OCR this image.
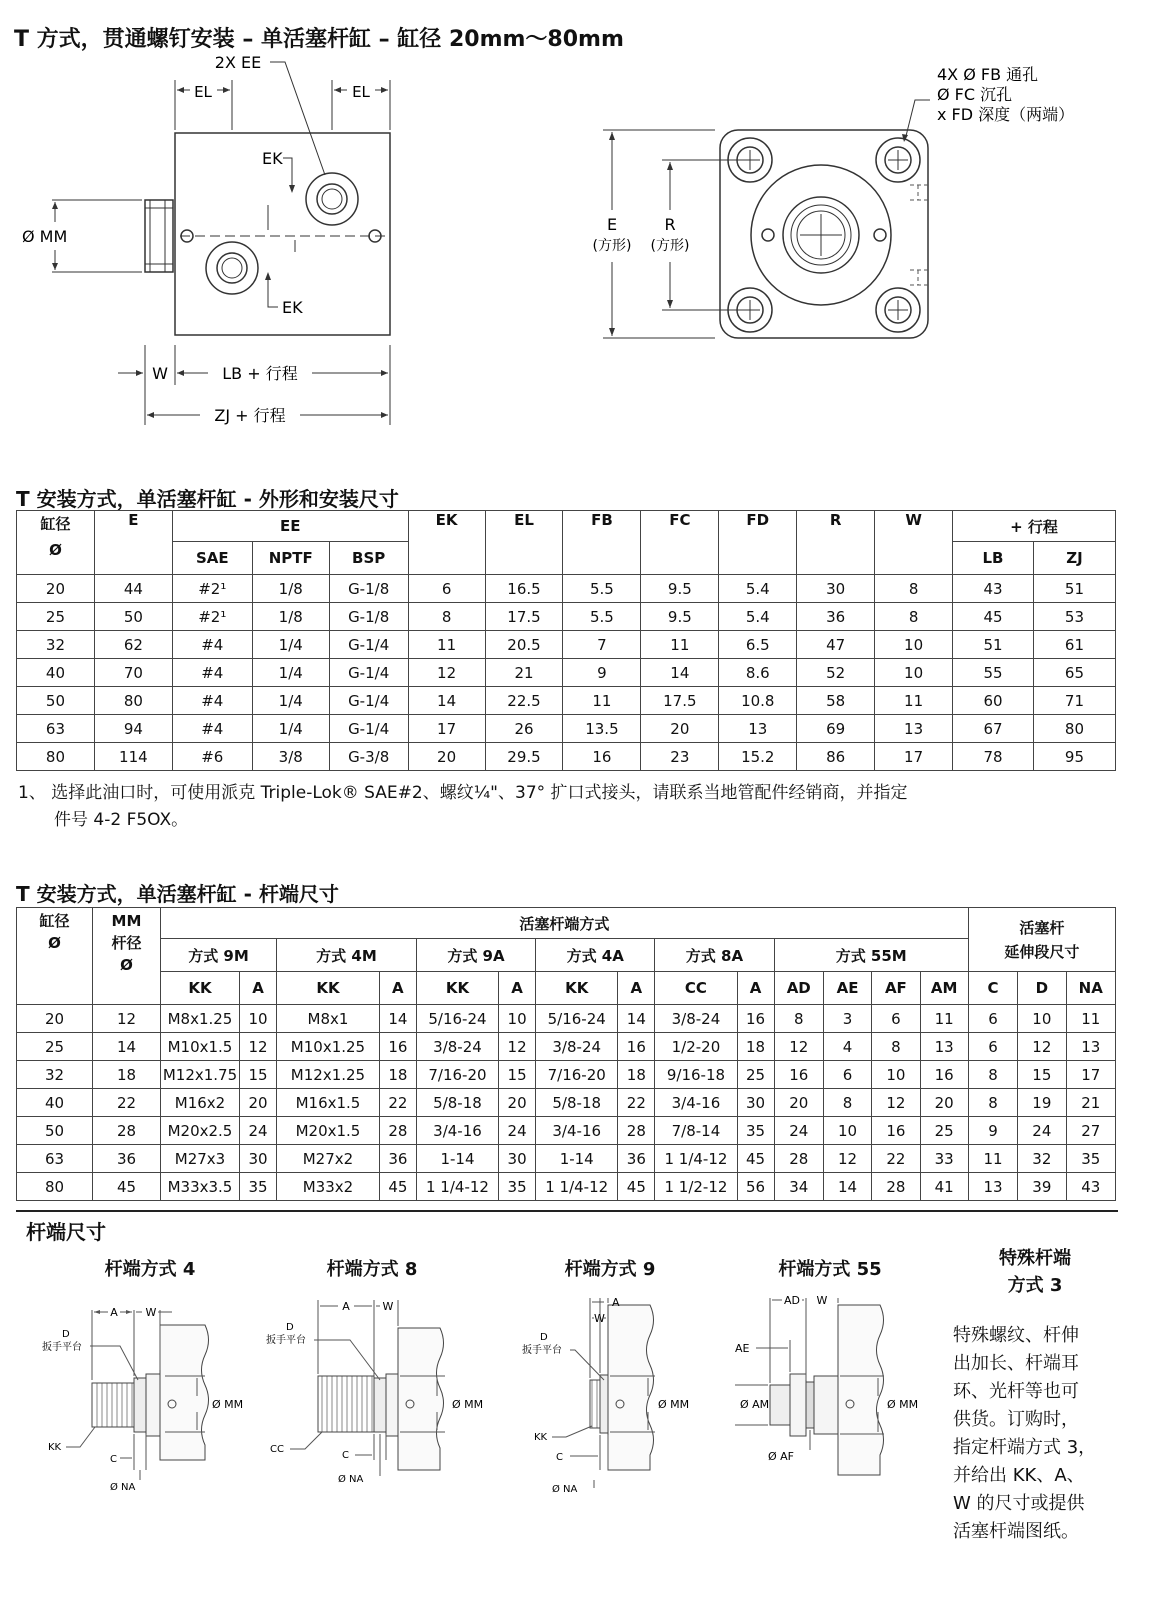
T 方式，贯通螺钉安装 – 单活塞杆缸 – 缸径 20mm～80mm
EL	EL
2X EE
EK
EK
Ø MM
W	LB + 行程
ZJ + 行程
4X Ø FB 通孔
Ø FC 沉孔
x FD 深度（两端）
E
(方形)
R
(方形)
T 安装方式，单活塞杆缸 - 外形和安装尺寸
缸径
Ø	E	EE			EK	EL	FB	FC	FD	R	W	+ 行程	
		SAE	NPTF	BSP								LB	ZJ
20	44	#2¹	1/8	G-1/8	6	16.5	5.5	9.5	5.4	30	8	43	51
25	50	#2¹	1/8	G-1/8	8	17.5	5.5	9.5	5.4	36	8	45	53
32	62	#4	1/4	G-1/4	11	20.5	7	11	6.5	47	10	51	61
40	70	#4	1/4	G-1/4	12	21	9	14	8.6	52	10	55	65
50	80	#4	1/4	G-1/4	14	22.5	11	17.5	10.8	58	11	60	71
63	94	#4	1/4	G-1/4	17	26	13.5	20	13	69	13	67	80
80	114	#6	3/8	G-3/8	20	29.5	16	23	15.2	86	17	78	95
1、 选择此油口时，可使用派克 Triple-Lok® SAE#2、螺纹¼"、37° 扩口式接头，请联系当地管配件经销商，并指定
件号 4-2 F5OX。
T 安装方式，单活塞杆缸 - 杆端尺寸
缸径
Ø	MM
杆径
Ø	活塞杆端方式														活塞杆
延伸段尺寸		
		方式 9M		方式 4M		方式 9A		方式 4A		方式 8A		方式 55M						
		KK	A	KK	A	KK	A	KK	A	CC	A	AD	AE	AF	AM	C	D	NA
20	12	M8x1.25	10	M8x1	14	5/16-24	10	5/16-24	14	3/8-24	16	8	3	6	11	6	10	11
25	14	M10x1.5	12	M10x1.25	16	3/8-24	12	3/8-24	16	1/2-20	18	12	4	8	13	6	12	13
32	18	M12x1.75	15	M12x1.25	18	7/16-20	15	7/16-20	18	9/16-18	25	16	6	10	16	8	15	17
40	22	M16x2	20	M16x1.5	22	5/8-18	20	5/8-18	22	3/4-16	30	20	8	12	20	8	19	21
50	28	M20x2.5	24	M20x1.5	28	3/4-16	24	3/4-16	28	7/8-14	35	24	10	16	25	9	24	27
63	36	M27x3	30	M27x2	36	1-14	30	1-14	36	1 1/4-12	45	28	12	22	33	11	32	35
80	45	M33x3.5	35	M33x2	45	1 1/4-12	35	1 1/4-12	45	1 1/2-12	56	34	14	28	41	13	39	43
杆端尺寸
杆端方式 4	杆端方式 8	杆端方式 9	杆端方式 55
特殊杆端
方式 3
特殊螺纹、杆伸
出加长、杆端耳
环、光杆等也可
供货。订购时，
指定杆端方式 3，
并给出 KK、A、
W 的尺寸或提供
活塞杆端图纸。
A	W
D
扳手平台
Ø MM
KK
C
Ø NA
A	W
D
扳手平台
Ø MM
CC
C
Ø NA
A
W
D
扳手平台
Ø MM
KK
C
Ø NA
AD W
AE
Ø AM	Ø MM
Ø AF
